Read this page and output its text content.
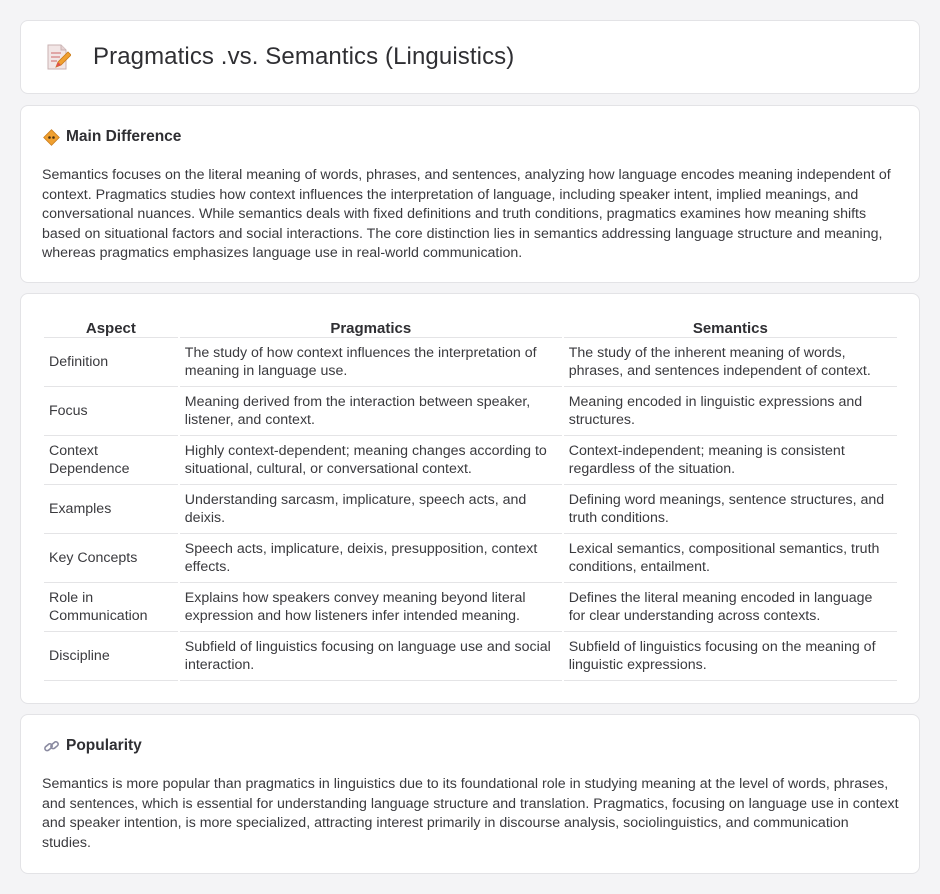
Pragmatics .vs. Semantics (Linguistics)
Main Difference

Semantics focuses on the literal meaning of words, phrases, and sentences, analyzing how language encodes meaning independent of context. Pragmatics studies how context influences the interpretation of language, including speaker intent, implied meanings, and conversational nuances. While semantics deals with fixed definitions and truth conditions, pragmatics examines how meaning shifts based on situational factors and social interactions. The core distinction lies in semantics addressing language structure and meaning, whereas pragmatics emphasizes language use in real-world communication.

Aspect	Pragmatics	Semantics
Definition	The study of how context influences the interpretation of meaning in language use.	The study of the inherent meaning of words, phrases, and sentences independent of context.
Focus	Meaning derived from the interaction between speaker, listener, and context.	Meaning encoded in linguistic expressions and structures.
Context Dependence	Highly context-dependent; meaning changes according to situational, cultural, or conversational context.	Context-independent; meaning is consistent regardless of the situation.
Examples	Understanding sarcasm, implicature, speech acts, and deixis.	Defining word meanings, sentence structures, and truth conditions.
Key Concepts	Speech acts, implicature, deixis, presupposition, context effects.	Lexical semantics, compositional semantics, truth conditions, entailment.
Role in Communication	Explains how speakers convey meaning beyond literal expression and how listeners infer intended meaning.	Defines the literal meaning encoded in language for clear understanding across contexts.
Discipline	Subfield of linguistics focusing on language use and social interaction.	Subfield of linguistics focusing on the meaning of linguistic expressions.
Popularity

Semantics is more popular than pragmatics in linguistics due to its foundational role in studying meaning at the level of words, phrases, and sentences, which is essential for understanding language structure and translation. Pragmatics, focusing on language use in context and speaker intention, is more specialized, attracting interest primarily in discourse analysis, sociolinguistics, and communication studies.
